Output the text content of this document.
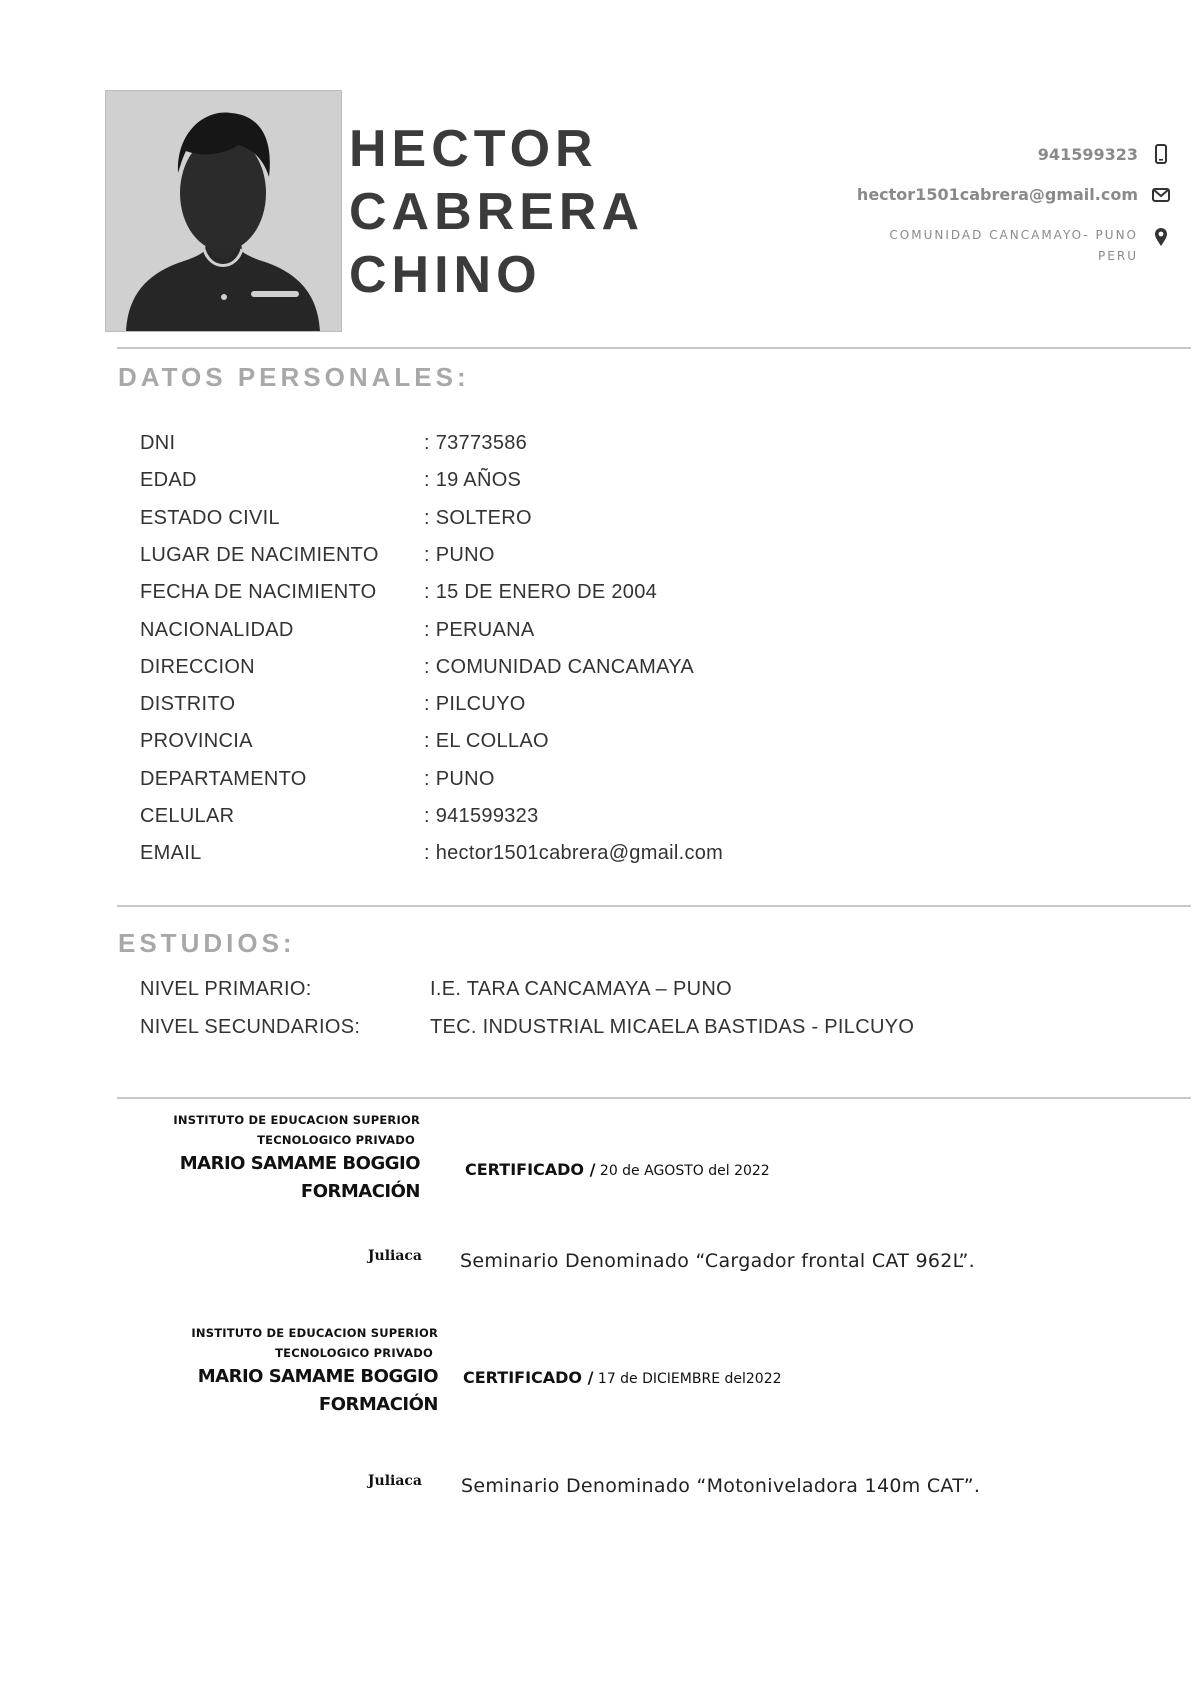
HECTOR
CABRERA
CHINO
941599323
hector1501cabrera@gmail.com
COMUNIDAD CANCAMAYO- PUNO
PERU
DATOS PERSONALES:
DNI	: 73773586
EDAD	: 19 AÑOS
ESTADO CIVIL	: SOLTERO
LUGAR DE NACIMIENTO : PUNO
FECHA DE NACIMIENTO : 15 DE ENERO DE 2004
NACIONALIDAD	: PERUANA
DIRECCION	: COMUNIDAD CANCAMAYA
DISTRITO	: PILCUYO
PROVINCIA	: EL COLLAO
DEPARTAMENTO	: PUNO
CELULAR	: 941599323
EMAIL	: hector1501cabrera@gmail.com
ESTUDIOS:
NIVEL PRIMARIO:	I.E. TARA CANCAMAYA – PUNO
NIVEL SECUNDARIOS:	TEC. INDUSTRIAL MICAELA BASTIDAS - PILCUYO
INSTITUTO DE EDUCACION SUPERIOR
TECNOLOGICO PRIVADO
MARIO SAMAME BOGGIO
FORMACIÓN
CERTIFICADO / 20 de AGOSTO del 2022
Juliaca Seminario Denominado “Cargador frontal CAT 962L”.
INSTITUTO DE EDUCACION SUPERIOR
TECNOLOGICO PRIVADO
MARIO SAMAME BOGGIO
FORMACIÓN
CERTIFICADO / 17 de DICIEMBRE del2022
Juliaca Seminario Denominado “Motoniveladora 140m CAT”.
